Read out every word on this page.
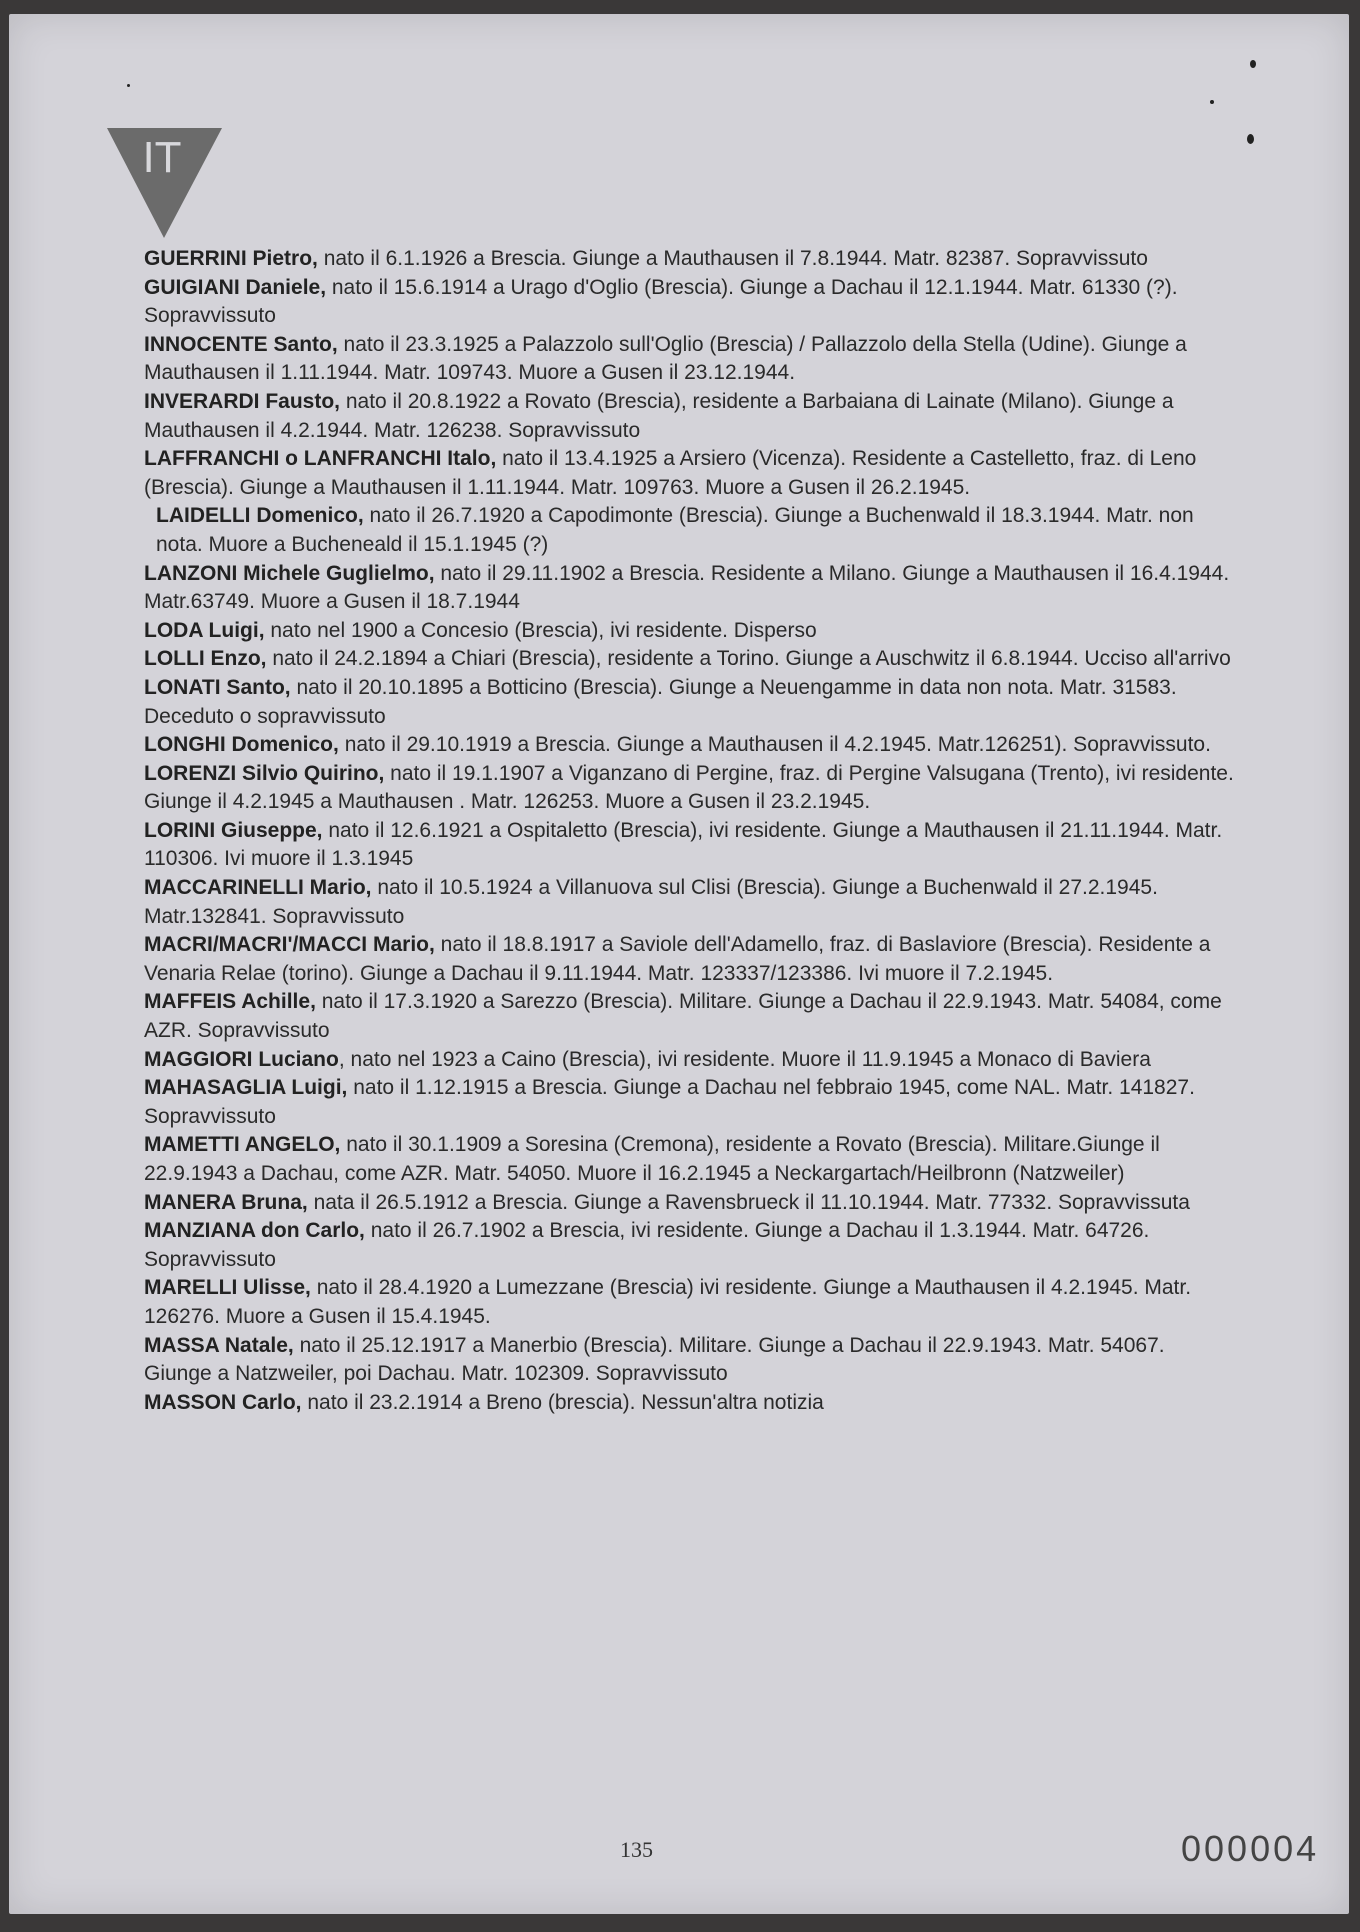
IT

GUERRINI Pietro, nato il 6.1.1926 a Brescia. Giunge a Mauthausen il 7.8.1944. Matr. 82387. Sopravvissuto

GUIGIANI Daniele, nato il 15.6.1914 a Urago d'Oglio (Brescia). Giunge a Dachau il 12.1.1944. Matr. 61330 (?). Sopravvissuto

INNOCENTE Santo, nato il 23.3.1925 a Palazzolo sull'Oglio (Brescia) / Pallazzolo della Stella (Udine). Giunge a Mauthausen il 1.11.1944. Matr. 109743. Muore a Gusen il 23.12.1944.

INVERARDI Fausto, nato il 20.8.1922 a Rovato (Brescia), residente a Barbaiana di Lainate (Milano). Giunge a Mauthausen il 4.2.1944. Matr. 126238. Sopravvissuto

LAFFRANCHI o LANFRANCHI Italo, nato il 13.4.1925 a Arsiero (Vicenza). Residente a Castelletto, fraz. di Leno (Brescia). Giunge a Mauthausen il 1.11.1944. Matr. 109763. Muore a Gusen il 26.2.1945.

LAIDELLI Domenico, nato il 26.7.1920 a Capodimonte (Brescia). Giunge a Buchenwald il 18.3.1944. Matr. non nota. Muore a Bucheneald il 15.1.1945 (?)

LANZONI Michele Guglielmo, nato il 29.11.1902 a Brescia. Residente a Milano. Giunge a Mauthausen il 16.4.1944. Matr.63749. Muore a Gusen il 18.7.1944

LODA Luigi, nato nel 1900 a Concesio (Brescia), ivi residente. Disperso

LOLLI Enzo, nato il 24.2.1894 a Chiari (Brescia), residente a Torino. Giunge a Auschwitz il 6.8.1944. Ucciso all'arrivo

LONATI Santo, nato il 20.10.1895 a Botticino (Brescia). Giunge a Neuengamme in data non nota. Matr. 31583. Deceduto o sopravvissuto

LONGHI Domenico, nato il 29.10.1919 a Brescia. Giunge a Mauthausen il 4.2.1945. Matr.126251). Sopravvissuto.

LORENZI Silvio Quirino, nato il 19.1.1907 a Viganzano di Pergine, fraz. di Pergine Valsugana (Trento), ivi residente. Giunge il 4.2.1945 a Mauthausen . Matr. 126253. Muore a Gusen il 23.2.1945.

LORINI Giuseppe, nato il 12.6.1921 a Ospitaletto (Brescia), ivi residente. Giunge a Mauthausen il 21.11.1944. Matr. 110306. Ivi muore il 1.3.1945

MACCARINELLI Mario, nato il 10.5.1924 a Villanuova sul Clisi (Brescia). Giunge a Buchenwald il 27.2.1945. Matr.132841. Sopravvissuto

MACRI/MACRI'/MACCI Mario, nato il 18.8.1917 a Saviole dell'Adamello, fraz. di Baslaviore (Brescia). Residente a Venaria Relae (torino). Giunge a Dachau il 9.11.1944. Matr. 123337/123386. Ivi muore il 7.2.1945.

MAFFEIS Achille, nato il 17.3.1920 a Sarezzo (Brescia). Militare. Giunge a Dachau il 22.9.1943. Matr. 54084, come AZR. Sopravvissuto

MAGGIORI Luciano, nato nel 1923 a Caino (Brescia), ivi residente. Muore il 11.9.1945 a Monaco di Baviera

MAHASAGLIA Luigi, nato il 1.12.1915 a Brescia. Giunge a Dachau nel febbraio 1945, come NAL. Matr. 141827. Sopravvissuto

MAMETTI ANGELO, nato il 30.1.1909 a Soresina (Cremona), residente a Rovato (Brescia). Militare.Giunge il 22.9.1943 a Dachau, come AZR. Matr. 54050. Muore il 16.2.1945 a Neckargartach/Heilbronn (Natzweiler)

MANERA Bruna, nata il 26.5.1912 a Brescia. Giunge a Ravensbrueck il 11.10.1944. Matr. 77332. Sopravvissuta

MANZIANA don Carlo, nato il 26.7.1902 a Brescia, ivi residente. Giunge a Dachau il 1.3.1944. Matr. 64726. Sopravvissuto

MARELLI Ulisse, nato il 28.4.1920 a Lumezzane (Brescia) ivi residente. Giunge a Mauthausen il 4.2.1945. Matr. 126276. Muore a Gusen il 15.4.1945.

MASSA Natale, nato il 25.12.1917 a Manerbio (Brescia). Militare. Giunge a Dachau il 22.9.1943. Matr. 54067. Giunge a Natzweiler, poi Dachau. Matr. 102309. Sopravvissuto

MASSON Carlo, nato il 23.2.1914 a Breno (brescia). Nessun'altra notizia

135	000004
